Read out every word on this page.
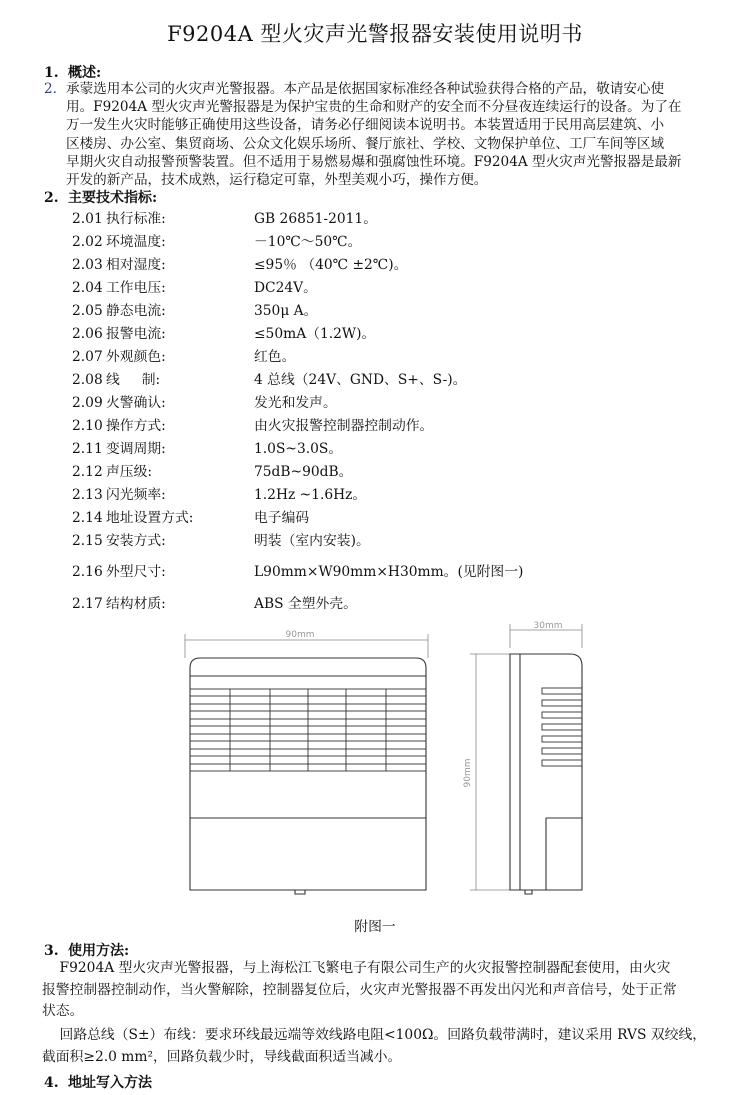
F9204A 型火灾声光警报器安装使用说明书
1. 概述:
2. 承蒙选用本公司的火灾声光警报器。本产品是依据国家标准经各种试验获得合格的产品，敬请安心使
用。F9204A 型火灾声光警报器是为保护宝贵的生命和财产的安全而不分昼夜连续运行的设备。为了在
万一发生火灾时能够正确使用这些设备，请务必仔细阅读本说明书。本装置适用于民用高层建筑、小
区楼房、办公室、集贸商场、公众文化娱乐场所、餐厅旅社、学校、文物保护单位、工厂车间等区域
早期火灾自动报警预警装置。但不适用于易燃易爆和强腐蚀性环境。F9204A 型火灾声光警报器是最新
开发的新产品，技术成熟，运行稳定可靠，外型美观小巧，操作方便。
2. 主要技术指标:
2.01 执行标准:	GB 26851-2011。
2.02 环境温度:	－10℃～50℃。
2.03 相对湿度:	≤95％ （40℃ ±2℃)。
2.04 工作电压:	DC24V。
2.05 静态电流:	350μ A。
2.06 报警电流:	≤50mA（1.2W)。
2.07 外观颜色:	红色。
2.08 线     制:	4 总线（24V、GND、S+、S-)。
2.09 火警确认:	发光和发声。
2.10 操作方式:	由火灾报警控制器控制动作。
2.11 变调周期:	1.0S~3.0S。
2.12 声压级:	75dB~90dB。
2.13 闪光频率:	1.2Hz ~1.6Hz。
2.14 地址设置方式:	电子编码
2.15 安装方式:	明装（室内安装)。
2.16 外型尺寸:	L90mm×W90mm×H30mm。(见附图一)
2.17 结构材质:	ABS 全塑外壳。
90mm
30mm
90mm
附图一
3. 使用方法:
F9204A 型火灾声光警报器，与上海松江飞繁电子有限公司生产的火灾报警控制器配套使用，由火灾
报警控制器控制动作，当火警解除，控制器复位后，火灾声光警报器不再发出闪光和声音信号，处于正常
状态。
回路总线（S±）布线：要求环线最远端等效线路电阻<100Ω。回路负载带满时，建议采用 RVS 双绞线，
截面积≥2.0 mm²，回路负载少时，导线截面积适当减小。
4. 地址写入方法
